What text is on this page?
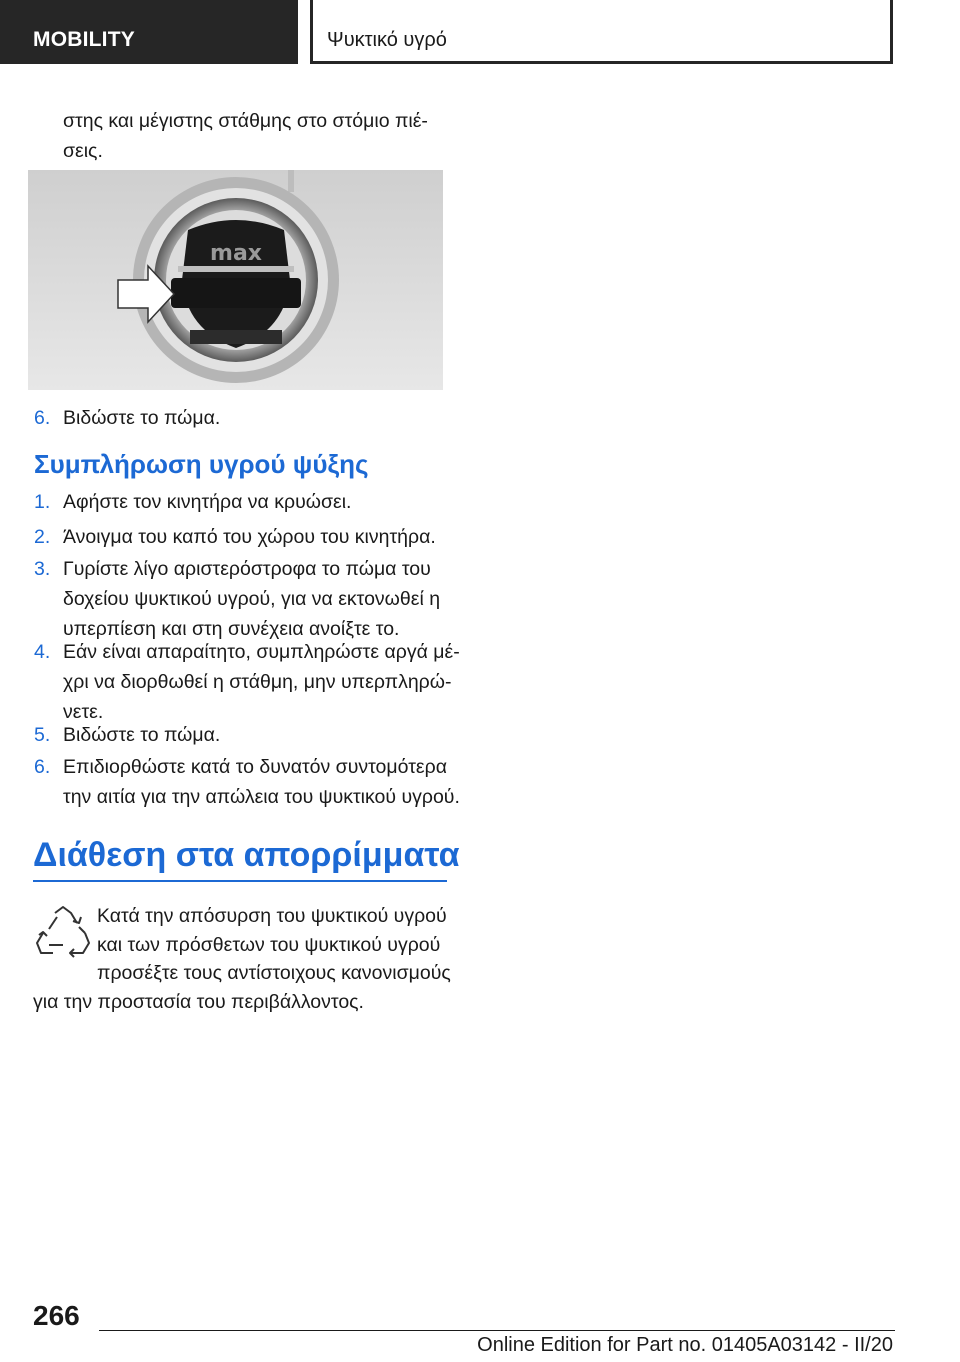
MOBILITY	Ψυκτικό υγρό
στης και μέγιστης στάθμης στο στόμιο πιέ-
σεις.
max
6. Βιδώστε το πώμα.
Συμπλήρωση υγρού ψύξης
1. Αφήστε τον κινητήρα να κρυώσει.
2. Άνοιγμα του καπό του χώρου του κινητήρα.
3. Γυρίστε λίγο αριστερόστροφα το πώμα του
δοχείου ψυκτικού υγρού, για να εκτονωθεί η
υπερπίεση και στη συνέχεια ανοίξτε το.
4. Εάν είναι απαραίτητο, συμπληρώστε αργά μέ-
χρι να διορθωθεί η στάθμη, μην υπερπληρώ-
νετε.
5. Βιδώστε το πώμα.
6. Επιδιορθώστε κατά το δυνατόν συντομότερα
την αιτία για την απώλεια του ψυκτικού υγρού.
Διάθεση στα απορρίμματα
Κατά την απόσυρση του ψυκτικού υγρού
και των πρόσθετων του ψυκτικού υγρού
προσέξτε τους αντίστοιχους κανονισμούς
για την προστασία του περιβάλλοντος.
266
Online Edition for Part no. 01405A03142 - II/20
